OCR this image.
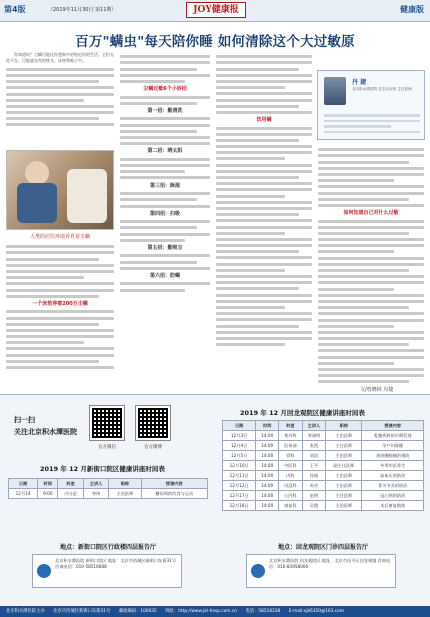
第4版	（2019年11月30日 第11期）	JOY健康报	健康版
百万"螨虫"每天陪你睡 如何清除这个大过敏原

你知道吗？尘螨可能比你想象中更贴近你的生活，它们无处不在，可能就在你的枕头、床垫和被子中。

人类的居住环境养育着尘螨
一个床垫养着200万尘螨
尘螨过敏6个小妙招
第一招：勤清洗
第二招：晒太阳
第三招：除湿
第四招：扫吸
第五招：勤吸尘
第六招：防螨
饮用螨
丹 捷
北京积水潭医院 变态反应科 主任医师
如何知道自己对什么过敏
文/詹晓林 丹捷
扫一扫
关注北京积水潭医院
官方微信	官方微博
2019 年 12 月新街口院区健康讲座时间表
日期	时间	科室	主讲人	职称	授课内容
12月14	9:00	内分泌	李伟	主治医师	糖尿病的饮食与运动
2019 年 12 月回龙观院区健康讲座时间表
日期	时间	科室	主讲人	职称	授课内容
12月3日	14:00	普外科	李康明	主治医师	乳腺疾病的早期发现
12月4日	14:00	医务部	张凯	主任医师	孕产妇保健
12月5日	14:00	骨科	刘浩	主治医师	颈肩腰腿痛的预防
12月10日	14:00	中医科	王平	副主任医师	冬季中医养生
12月11日	14:00	内科	孙丽	主治医师	高血压的防治
12月12日	14:00	风湿科	周芳	主治医师	骨关节炎的防治
12月17日	14:00	心内科	赵明	主任医师	冠心病的防治
12月18日	14:00	康复科	吴俊	主治医师	术后康复锻炼
地点：新街口院区行政楼四层报告厅
北京积水潭医院 新街口院区 地址：北京市西城区新街口东街31号 咨询电话：010-58516688
地点：回龙观院区门诊四层报告厅
北京积水潭医院 回龙观院区 地址：北京市昌平区回龙观镇 咨询电话：010-83958000
北京积水潭医院主办　　北京市西城区新街口东街31号　　邮政编码：100035　　网址：http://www.jst-hosp.com.cn　　电话：58516238　　E-mail:xjk6350@163.com
